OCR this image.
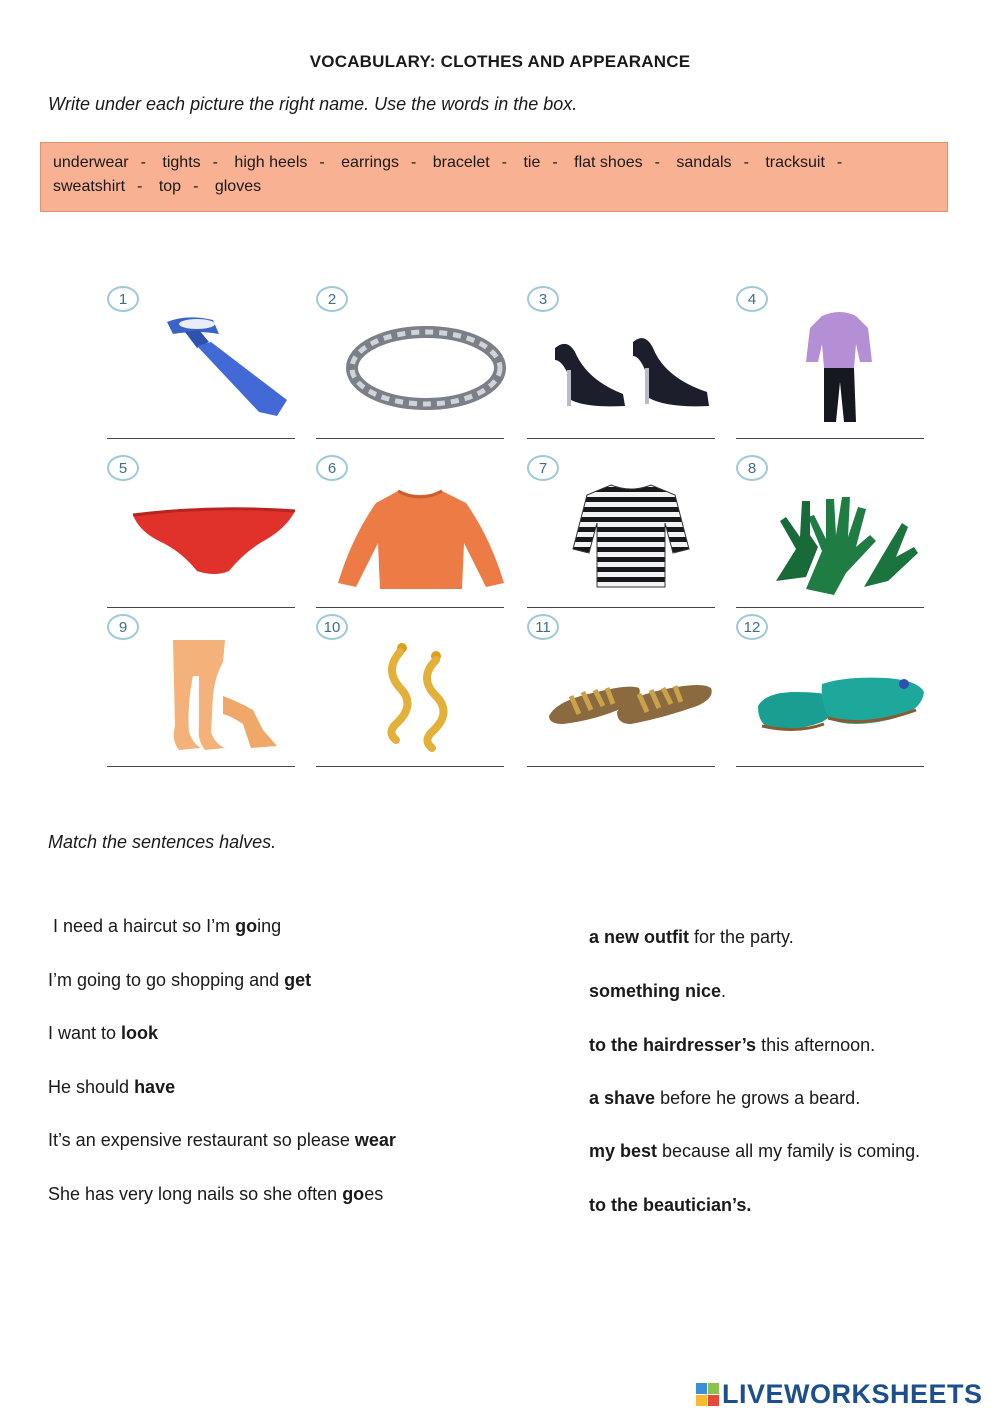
VOCABULARY: CLOTHES AND APPEARANCE
Write under each picture the right name. Use the words in the box.
underwear - tights - high heels - earrings - bracelet - tie - flat shoes - sandals - tracksuit - sweatshirt - top - gloves
1	2	3	4
5	6	7	8
9	10	11	12
Match the sentences halves.
I need a haircut so I’m going
I’m going to go shopping and get
I want to look
He should have
It’s an expensive restaurant so please wear
She has very long nails so she often goes
a new outfit for the party.
something nice.
to the hairdresser’s this afternoon.
a shave before he grows a beard.
my best because all my family is coming.
to the beautician’s.
LIVEWORKSHEETS
